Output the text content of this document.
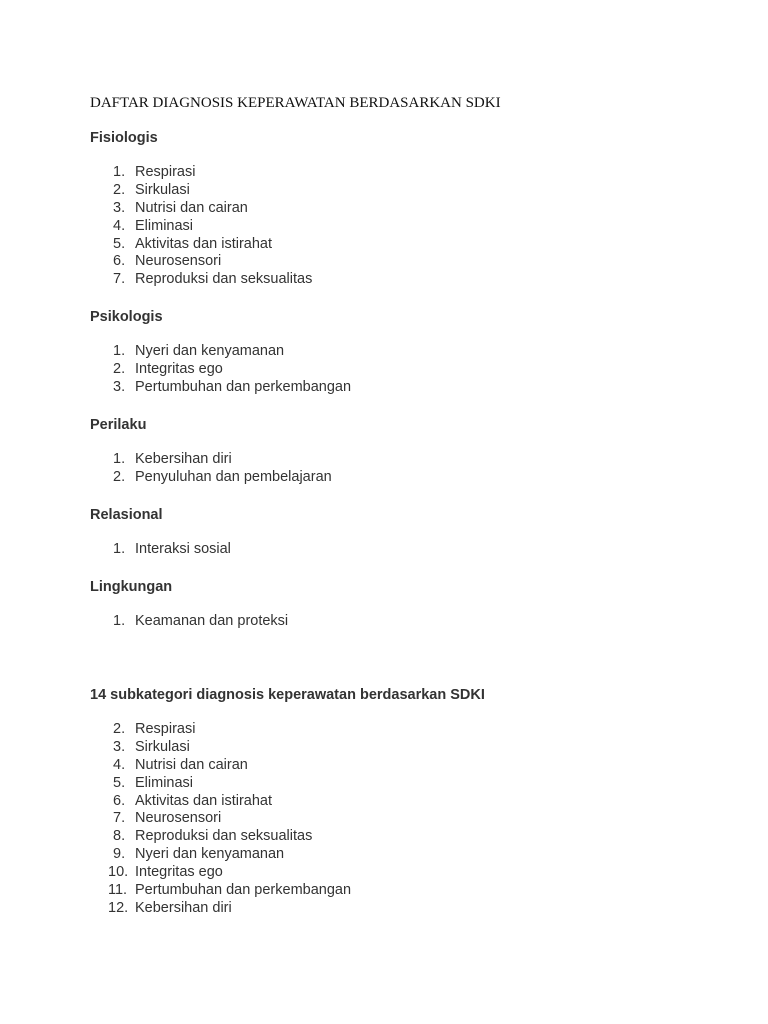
DAFTAR DIAGNOSIS KEPERAWATAN BERDASARKAN SDKI
Fisiologis
1. Respirasi
2. Sirkulasi
3. Nutrisi dan cairan
4. Eliminasi
5. Aktivitas dan istirahat
6. Neurosensori
7. Reproduksi dan seksualitas
Psikologis
1. Nyeri dan kenyamanan
2. Integritas ego
3. Pertumbuhan dan perkembangan
Perilaku
1. Kebersihan diri
2. Penyuluhan dan pembelajaran
Relasional
1. Interaksi sosial
Lingkungan
1. Keamanan dan proteksi
14 subkategori diagnosis keperawatan berdasarkan SDKI
2. Respirasi
3. Sirkulasi
4. Nutrisi dan cairan
5. Eliminasi
6. Aktivitas dan istirahat
7. Neurosensori
8. Reproduksi dan seksualitas
9. Nyeri dan kenyamanan
10. Integritas ego
11. Pertumbuhan dan perkembangan
12. Kebersihan diri
